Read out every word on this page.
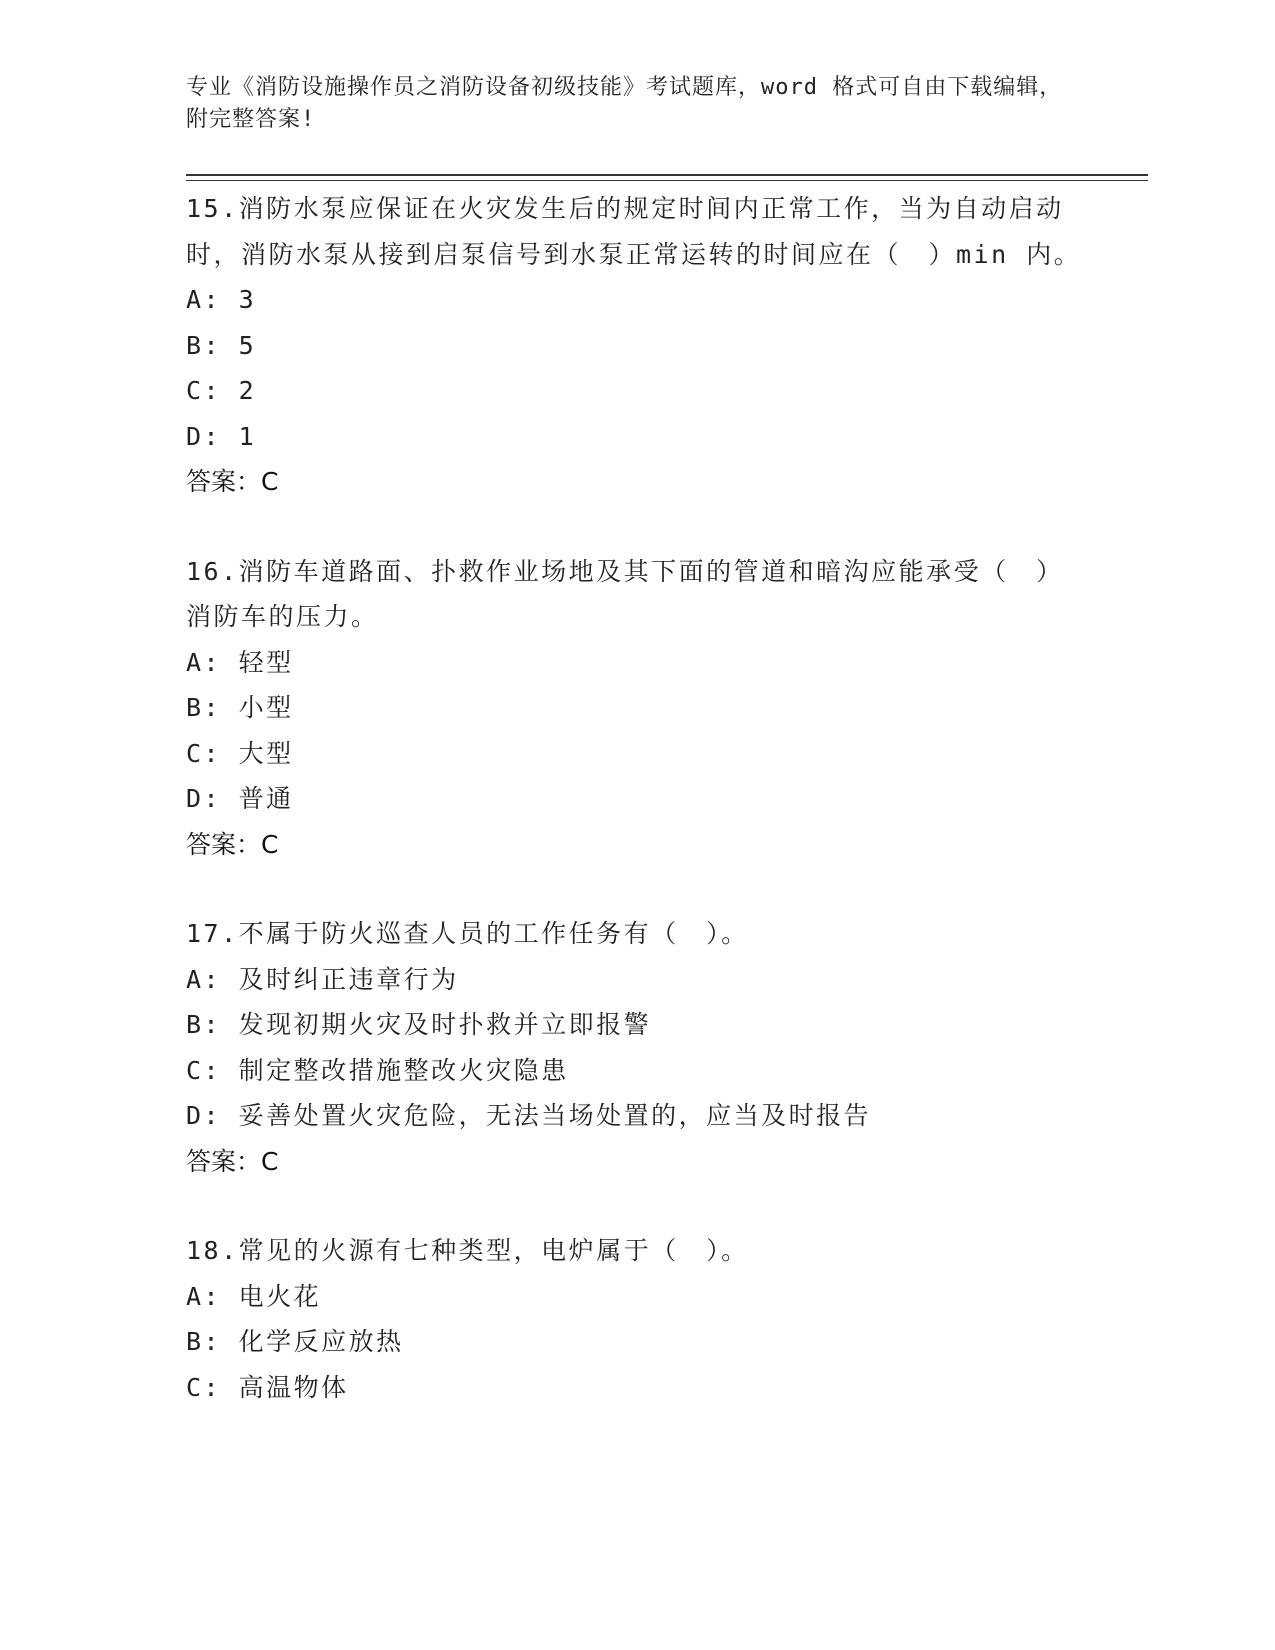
专业《消防设施操作员之消防设备初级技能》考试题库，word 格式可自由下载编辑，附完整答案!
15.消防水泵应保证在火灾发生后的规定时间内正常工作，当为自动启动时，消防水泵从接到启泵信号到水泵正常运转的时间应在（　）min 内。
A: 3
B: 5
C: 2
D: 1
答案：C
16.消防车道路面、扑救作业场地及其下面的管道和暗沟应能承受（　）消防车的压力。
A: 轻型
B: 小型
C: 大型
D: 普通
答案：C
17.不属于防火巡查人员的工作任务有（　）。
A: 及时纠正违章行为
B: 发现初期火灾及时扑救并立即报警
C: 制定整改措施整改火灾隐患
D: 妥善处置火灾危险，无法当场处置的，应当及时报告
答案：C
18.常见的火源有七种类型，电炉属于（　）。
A: 电火花
B: 化学反应放热
C: 高温物体
